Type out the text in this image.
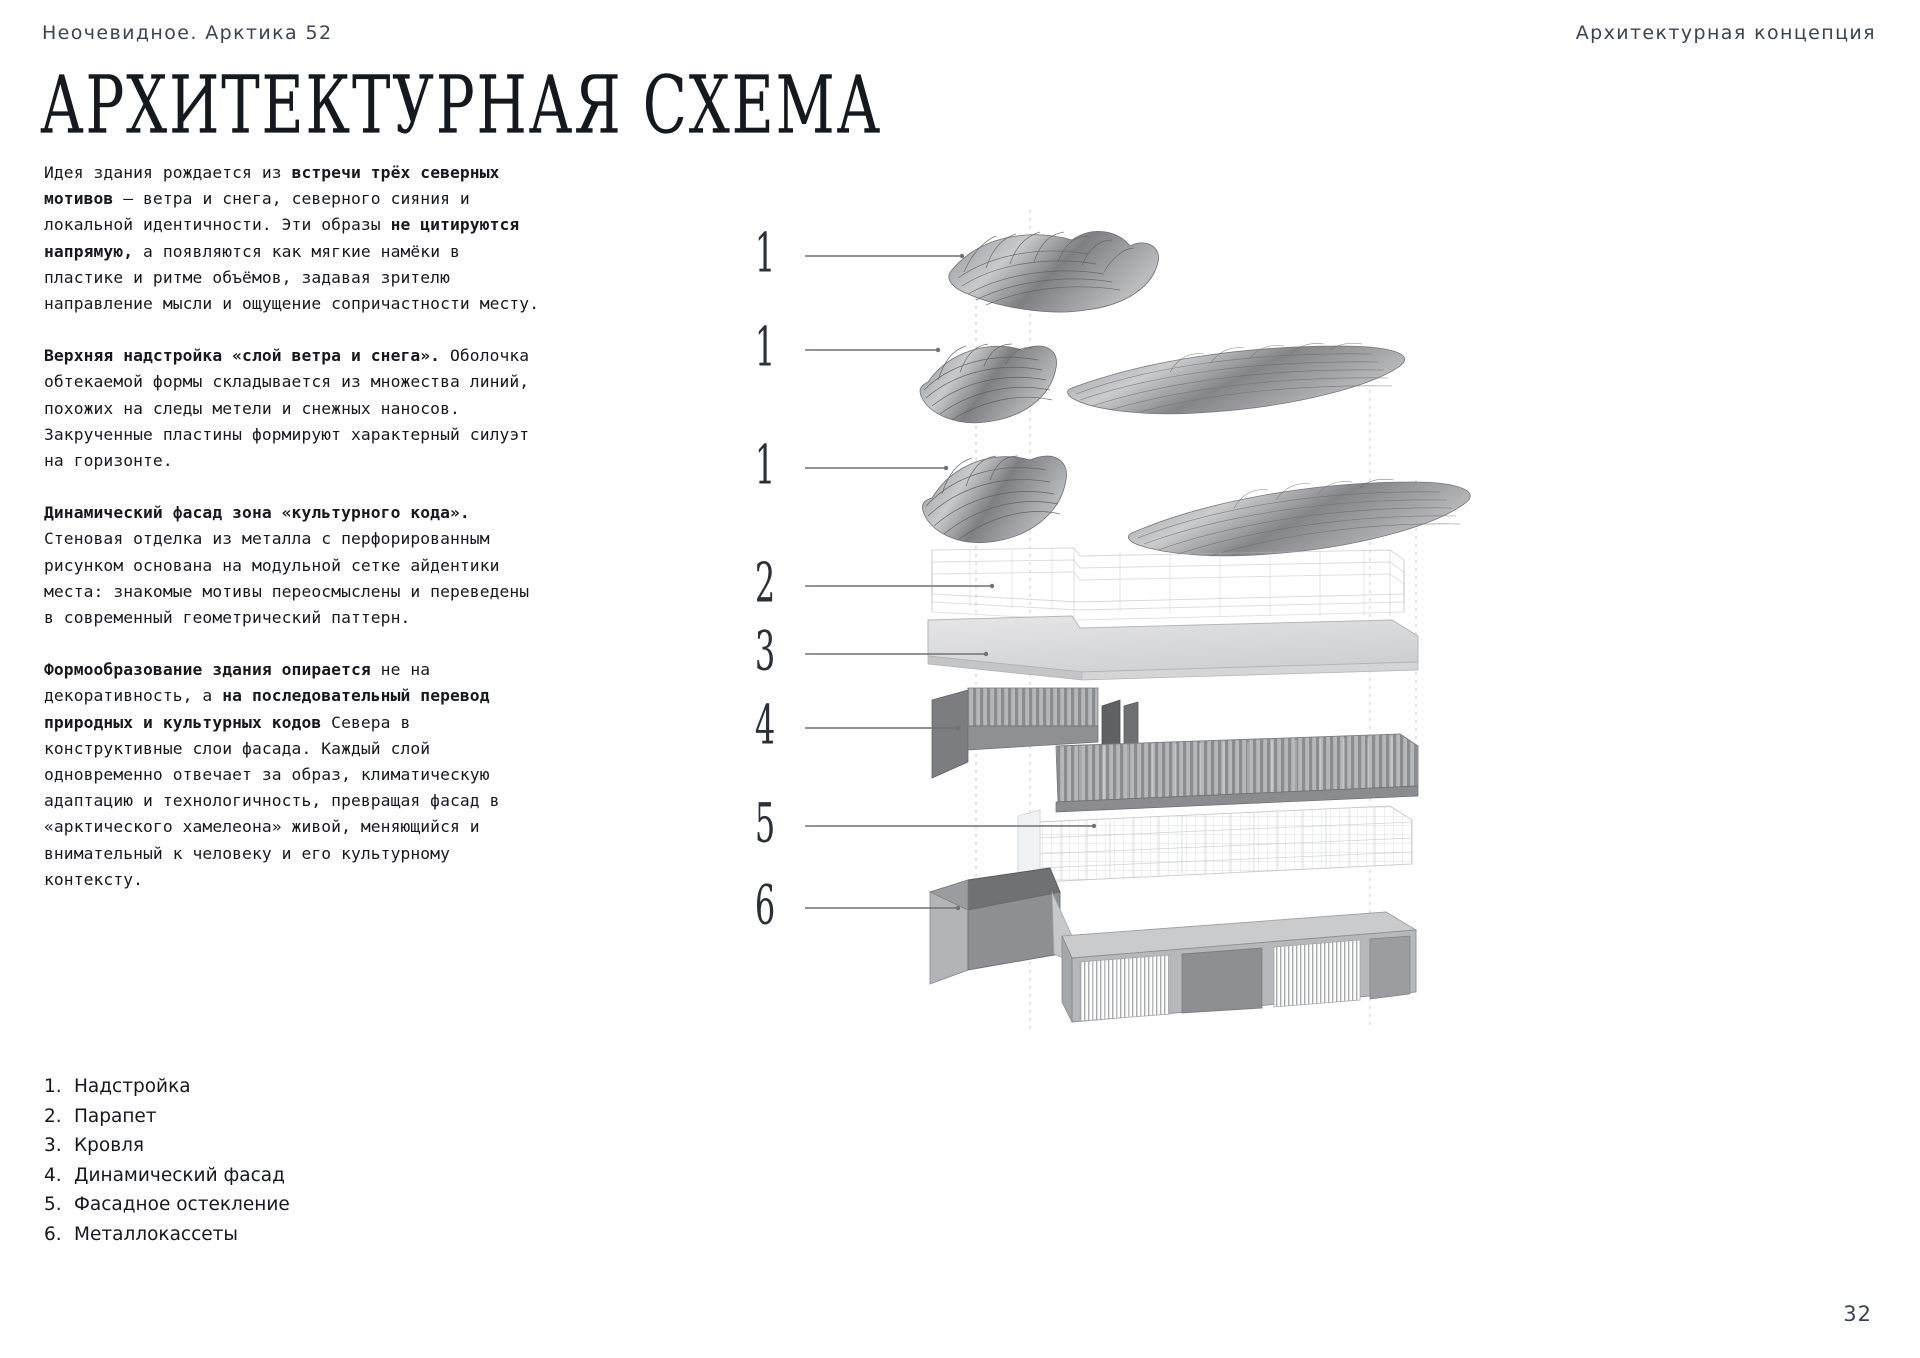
Неочевидное. Арктика 52	Архитектурная концепция
АРХИТЕКТУРНАЯ СХЕМА

Идея здания рождается из встречи трёх северных мотивов – ветра и снега, северного сияния и локальной идентичности. Эти образы не цитируются напрямую, а появляются как мягкие намёки в пластике и ритме объёмов, задавая зрителю направление мысли и ощущение сопричастности месту.

Верхняя надстройка «слой ветра и снега». Оболочка обтекаемой формы складывается из множества линий, похожих на следы метели и снежных наносов. Закрученные пластины формируют характерный силуэт на горизонте.

Динамический фасад зона «культурного кода». Стеновая отделка из металла с перфорированным рисунком основана на модульной сетке айдентики места: знакомые мотивы переосмыслены и переведены в современный геометрический паттерн.

Формообразование здания опирается не на декоративность, а на последовательный перевод природных и культурных кодов Севера в конструктивные слои фасада. Каждый слой одновременно отвечает за образ, климатическую адаптацию и технологичность, превращая фасад в «арктического хамелеона» живой, меняющийся и внимательный к человеку и его культурному контексту.

1. Надстройка
2. Парапет
3. Кровля
4. Динамический фасад
5. Фасадное остекление
6. Металлокассеты
32
1
1
1
2
3
4
5
6
